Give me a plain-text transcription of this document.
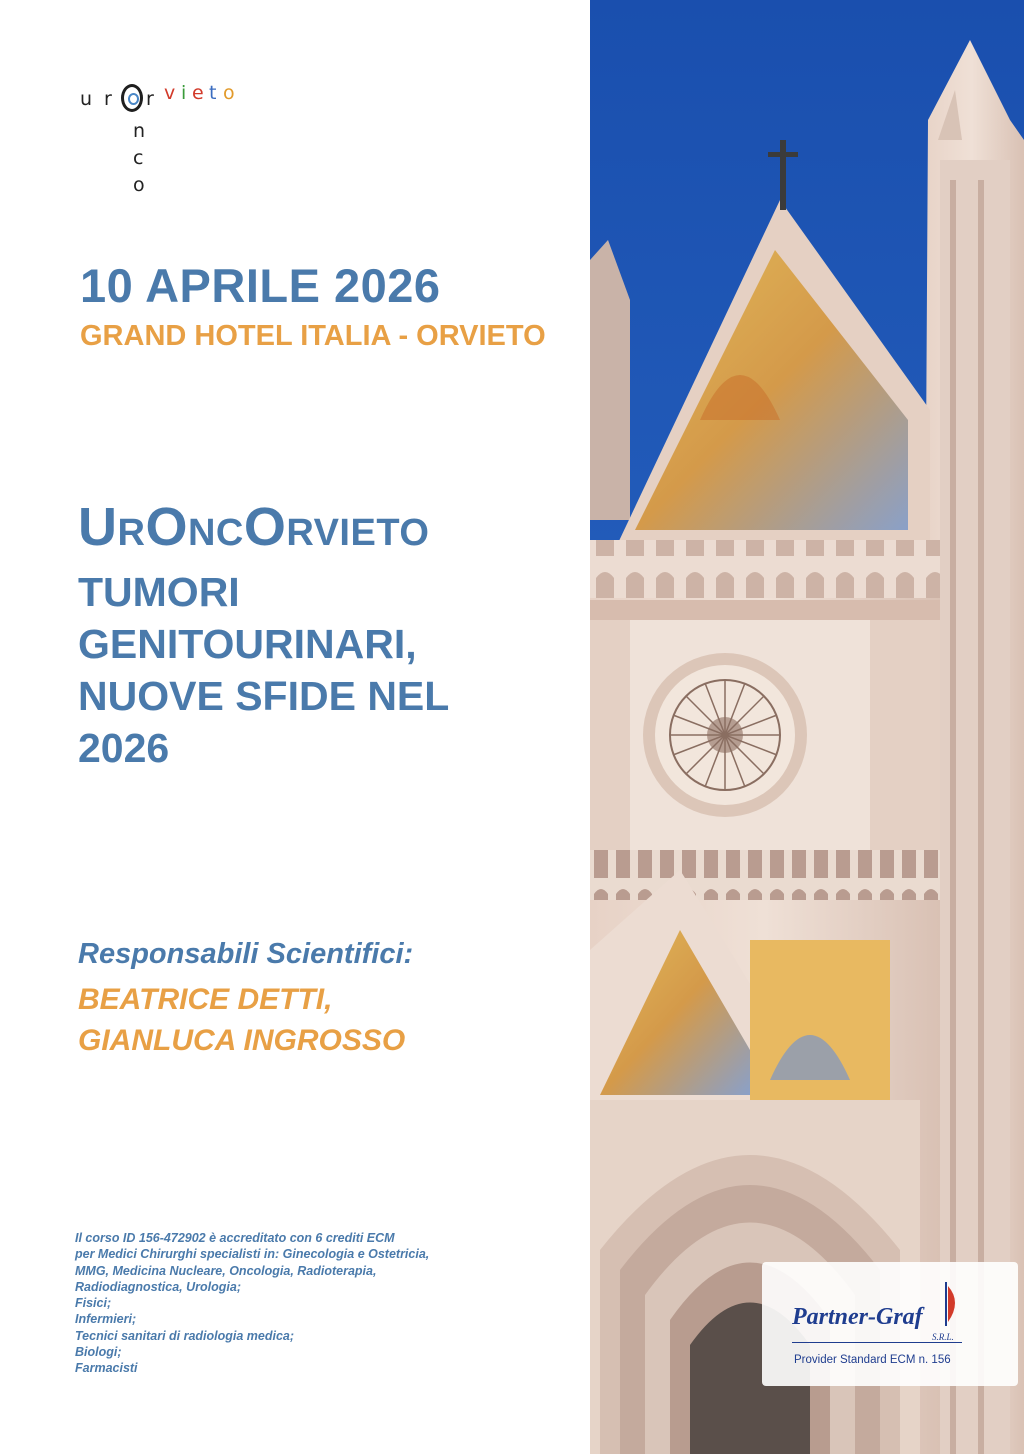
u r r v i e t o
n
c
o
10 APRILE 2026
GRAND HOTEL ITALIA - ORVIETO
UrOncOrvieto
TUMORI
GENITOURINARI,
NUOVE SFIDE NEL
2026
Responsabili Scientifici:
BEATRICE DETTI,
GIANLUCA INGROSSO
Il corso ID 156-472902 è accreditato con 6 crediti ECM
per Medici Chirurghi specialisti in: Ginecologia e Ostetricia,
MMG, Medicina Nucleare, Oncologia, Radioterapia,
Radiodiagnostica, Urologia;
Fisici;
Infermieri;
Tecnici sanitari di radiologia medica;
Biologi;
Farmacisti
Partner-Graf
S.R.L.
Provider Standard ECM n. 156
